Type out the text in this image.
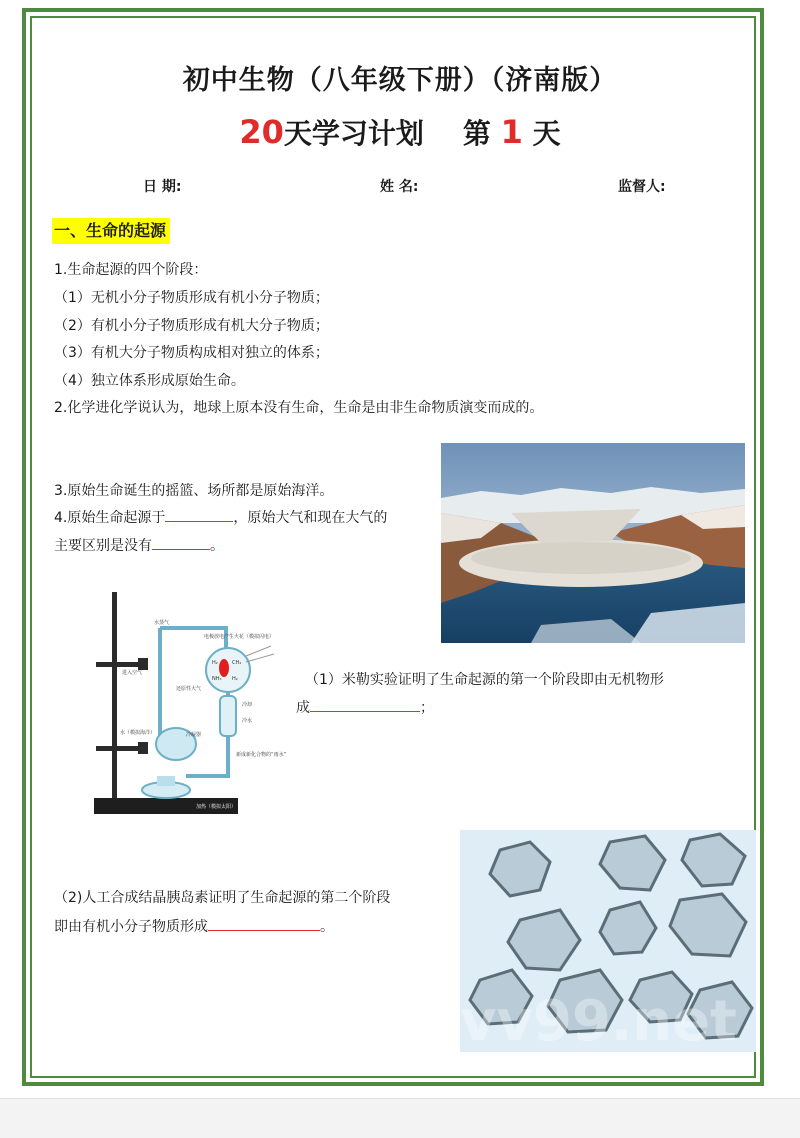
初中生物（八年级下册）（济南版）
20天学习计划 第 1 天
日 期:	姓 名:	监督人:
一、生命的起源
1.生命起源的四个阶段：
（1）无机小分子物质形成有机小分子物质；
（2）有机小分子物质形成有机大分子物质；
（3）有机大分子物质构成相对独立的体系；
（4）独立体系形成原始生命。
2.化学进化学说认为，地球上原本没有生命，生命是由非生命物质演变而成的。
3.原始生命诞生的摇篮、场所都是原始海洋。
4.原始生命起源于	，原始大气和现在大气的
主要区别是没有	。
水蒸气
电极放电产生火花（模拟闪电）
进入空气
还原性大气
冷却
冷水
冷凝器
水（模拟海洋）
新成新化合物的“雨水”
加热（模拟太阳）
H₂	CH₄
NH₃ H₂	（1）米勒实验证明了生命起源的第一个阶段即由无机物形
成	；
vv99.net
（2)人工合成结晶胰岛素证明了生命起源的第二个阶段
即由有机小分子物质形成	。
